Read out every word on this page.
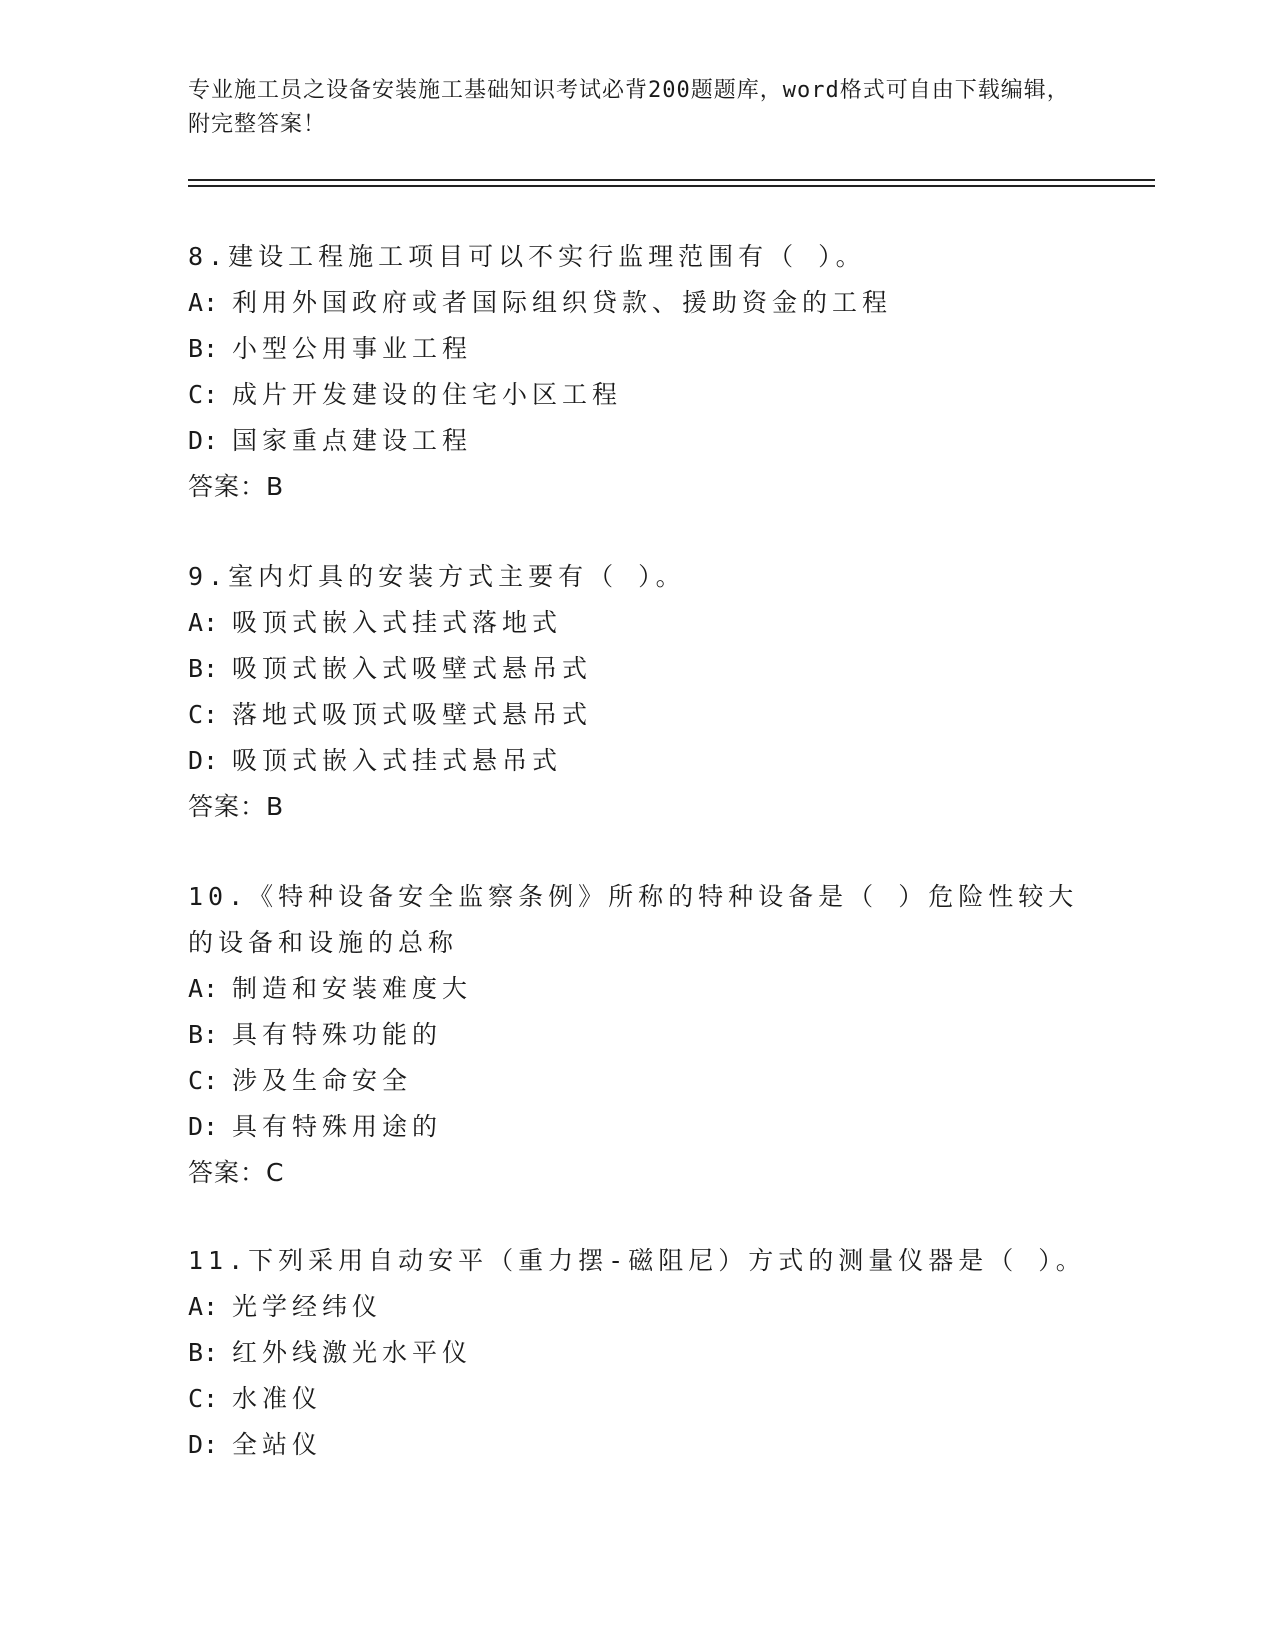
专业施工员之设备安装施工基础知识考试必背200题题库，word格式可自由下载编辑，附完整答案！
8.建设工程施工项目可以不实行监理范围有（ ）。
A: 利用外国政府或者国际组织贷款、援助资金的工程
B: 小型公用事业工程
C: 成片开发建设的住宅小区工程
D: 国家重点建设工程
答案：B
9.室内灯具的安装方式主要有（ ）。
A: 吸顶式嵌入式挂式落地式
B: 吸顶式嵌入式吸壁式悬吊式
C: 落地式吸顶式吸壁式悬吊式
D: 吸顶式嵌入式挂式悬吊式
答案：B
10.《特种设备安全监察条例》所称的特种设备是（ ）危险性较大的设备和设施的总称
A: 制造和安装难度大
B: 具有特殊功能的
C: 涉及生命安全
D: 具有特殊用途的
答案：C
11.下列采用自动安平（重力摆-磁阻尼）方式的测量仪器是（ ）。
A: 光学经纬仪
B: 红外线激光水平仪
C: 水准仪
D: 全站仪
